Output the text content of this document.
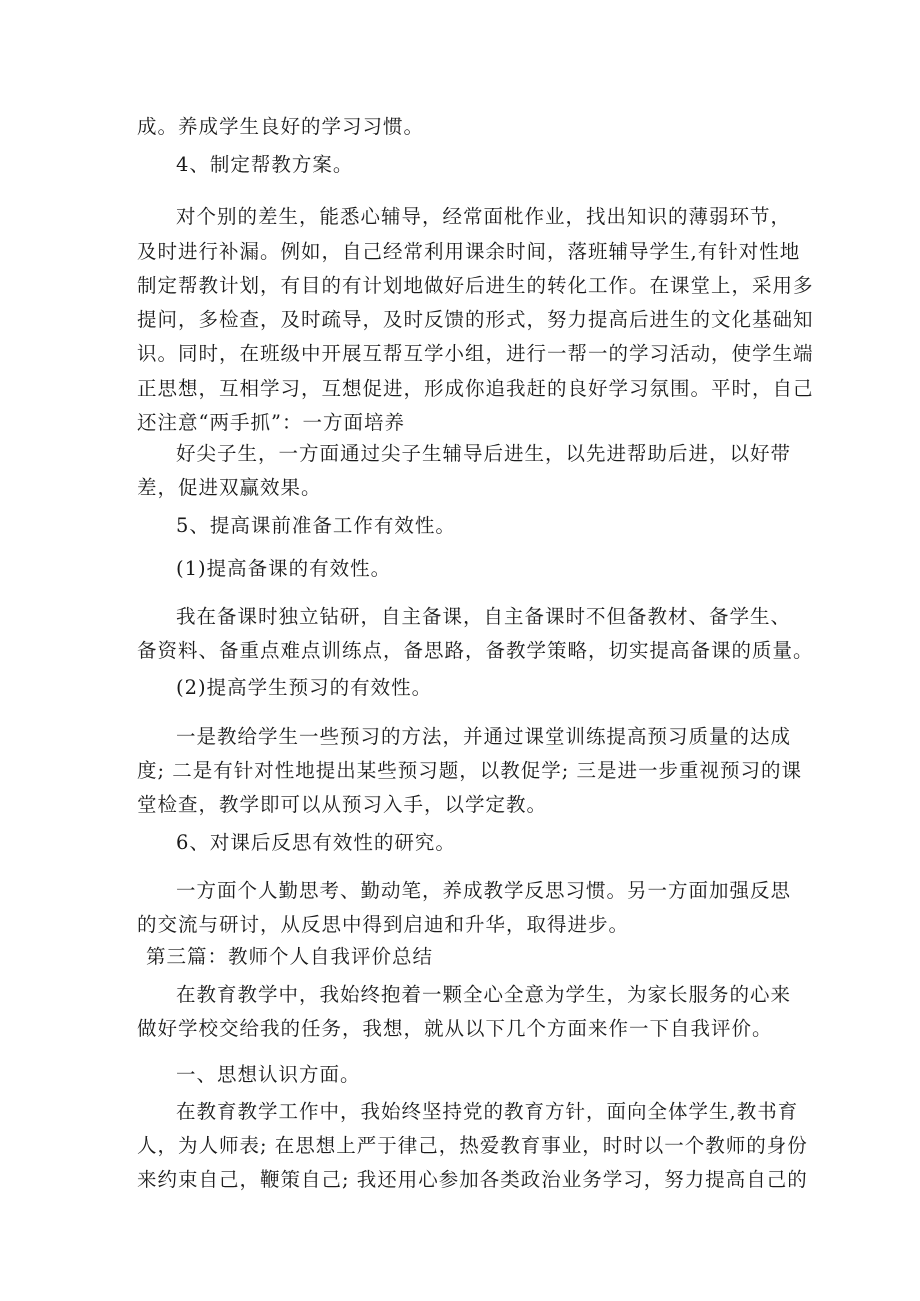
成。养成学生良好的学习习惯。
4、制定帮教方案。
对个别的差生，能悉心辅导，经常面枇作业，找出知识的薄弱环节，
及时进行补漏。例如，自己经常利用课余时间，落班辅导学生,有针对性地
制定帮教计划，有目的有计划地做好后进生的转化工作。在课堂上，采用多
提问，多检查，及时疏导，及时反馈的形式，努力提高后进生的文化基础知
识。同时，在班级中开展互帮互学小组，进行一帮一的学习活动，使学生端
正思想，互相学习，互想促进，形成你追我赶的良好学习氛围。平时，自己
还注意“两手抓”：一方面培养
好尖子生，一方面通过尖子生辅导后进生，以先进帮助后进，以好带
差，促进双赢效果。
5、提高课前准备工作有效性。
(1)提高备课的有效性。
我在备课时独立钻研，自主备课，自主备课时不但备教材、备学生、
备资料、备重点难点训练点，备思路，备教学策略，切实提高备课的质量。
(2)提高学生预习的有效性。
一是教给学生一些预习的方法，并通过课堂训练提高预习质量的达成
度; 二是有针对性地提出某些预习题，以教促学; 三是进一步重视预习的课
堂检查，教学即可以从预习入手，以学定教。
6、对课后反思有效性的研究。
一方面个人勤思考、勤动笔，养成教学反思习惯。另一方面加强反思
的交流与研讨，从反思中得到启迪和升华，取得进步。
第三篇：教师个人自我评价总结
在教育教学中，我始终抱着一颗全心全意为学生，为家长服务的心来
做好学校交给我的任务，我想，就从以下几个方面来作一下自我评价。
一、思想认识方面。
在教育教学工作中，我始终坚持党的教育方针，面向全体学生,教书育
人，为人师表; 在思想上严于律己，热爱教育事业，时时以一个教师的身份
来约束自己，鞭策自己; 我还用心参加各类政治业务学习，努力提高自己的
